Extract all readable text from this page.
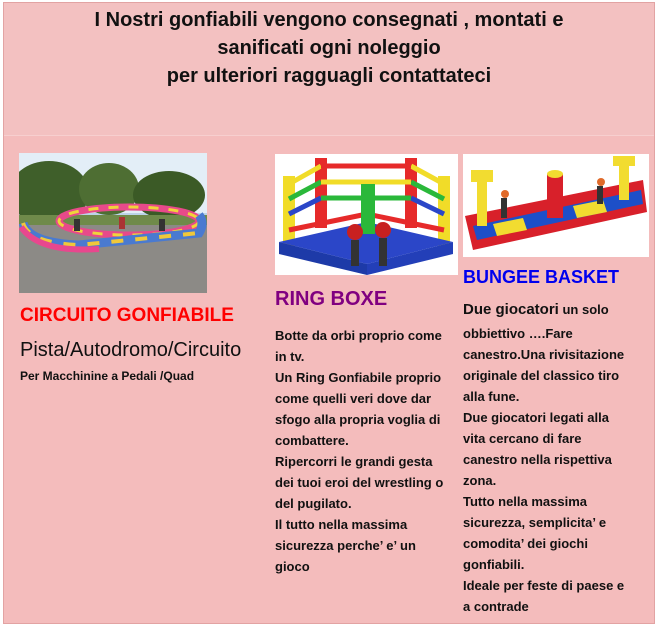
I Nostri gonfiabili vengono consegnati , montati e
sanificati ogni noleggio
per ulteriori ragguagli contattateci
CIRCUITO GONFIABILE
Pista/Autodromo/Circuito
Per Macchinine a Pedali /Quad
RING BOXE
Botte da orbi proprio come
in tv.
Un Ring Gonfiabile proprio
come quelli veri dove dar
sfogo alla propria voglia di
combattere.
Ripercorri le grandi gesta
dei tuoi eroi del wrestling o
del pugilato.
Il tutto nella massima
sicurezza perche’ e’ un
gioco
BUNGEE BASKET
Due giocatori un solo
obbiettivo ….Fare
canestro.Una rivisitazione
originale del classico tiro
alla fune.
Due giocatori legati alla
vita cercano di fare
canestro nella rispettiva
zona.
Tutto nella massima
sicurezza, semplicita’ e
comodita’ dei giochi
gonfiabili.
Ideale per feste di paese e
a contrade
